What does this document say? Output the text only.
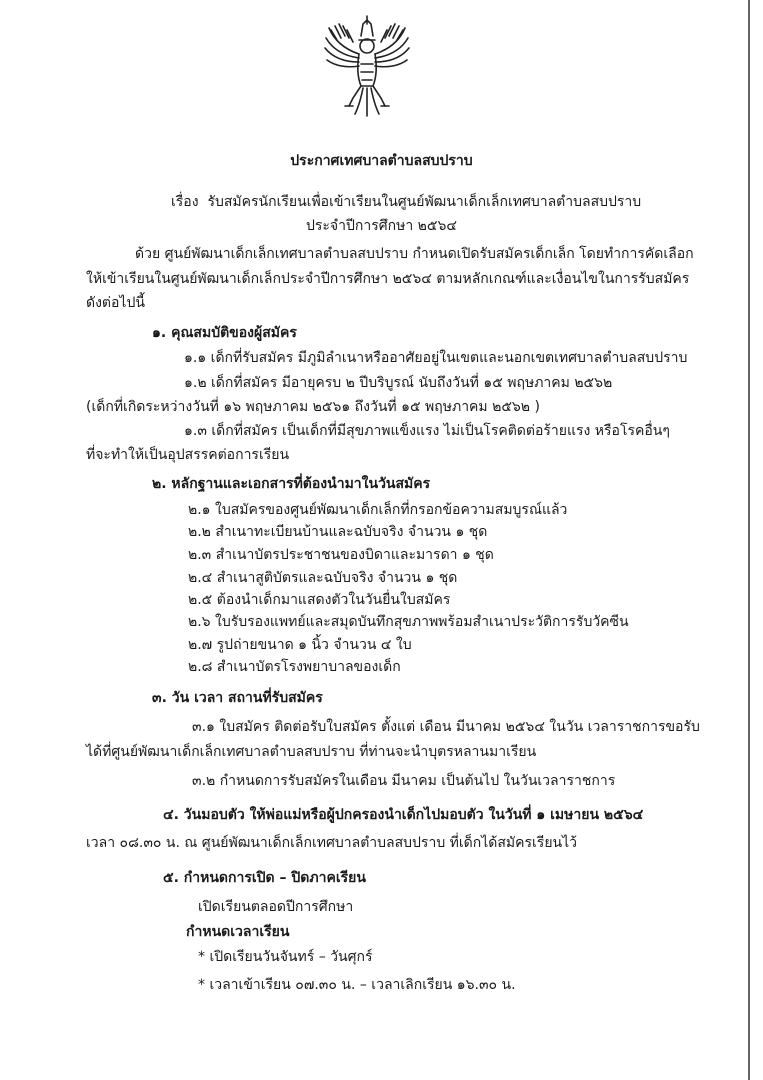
ประกาศเทศบาลตำบลสบปราบ
เรื่อง รับสมัครนักเรียนเพื่อเข้าเรียนในศูนย์พัฒนาเด็กเล็กเทศบาลตำบลสบปราบ
ประจำปีการศึกษา ๒๕๖๔
ด้วย ศูนย์พัฒนาเด็กเล็กเทศบาลตำบลสบปราบ กำหนดเปิดรับสมัครเด็กเล็ก โดยทำการคัดเลือก
ให้เข้าเรียนในศูนย์พัฒนาเด็กเล็กประจำปีการศึกษา ๒๕๖๔ ตามหลักเกณฑ์และเงื่อนไขในการรับสมัคร
ดังต่อไปนี้
๑. คุณสมบัติของผู้สมัคร
๑.๑ เด็กที่รับสมัคร มีภูมิลำเนาหรืออาศัยอยู่ในเขตและนอกเขตเทศบาลตำบลสบปราบ
๑.๒ เด็กที่สมัคร มีอายุครบ ๒ ปีบริบูรณ์ นับถึงวันที่ ๑๕ พฤษภาคม ๒๕๖๒
(เด็กที่เกิดระหว่างวันที่ ๑๖ พฤษภาคม ๒๕๖๑ ถึงวันที่ ๑๕ พฤษภาคม ๒๕๖๒ )
๑.๓ เด็กที่สมัคร เป็นเด็กที่มีสุขภาพแข็งแรง ไม่เป็นโรคติดต่อร้ายแรง หรือโรคอื่นๆ
ที่จะทำให้เป็นอุปสรรคต่อการเรียน
๒. หลักฐานและเอกสารที่ต้องนำมาในวันสมัคร
๒.๑ ใบสมัครของศูนย์พัฒนาเด็กเล็กที่กรอกข้อความสมบูรณ์แล้ว
๒.๒ สำเนาทะเบียนบ้านและฉบับจริง จำนวน ๑ ชุด
๒.๓ สำเนาบัตรประชาชนของบิดาและมารดา ๑ ชุด
๒.๔ สำเนาสูติบัตรและฉบับจริง จำนวน ๑ ชุด
๒.๕ ต้องนำเด็กมาแสดงตัวในวันยื่นใบสมัคร
๒.๖ ใบรับรองแพทย์และสมุดบันทึกสุขภาพพร้อมสำเนาประวัติการรับวัคซีน
๒.๗ รูปถ่ายขนาด ๑ นิ้ว จำนวน ๔ ใบ
๒.๘ สำเนาบัตรโรงพยาบาลของเด็ก
๓. วัน เวลา สถานที่รับสมัคร
๓.๑ ใบสมัคร ติดต่อรับใบสมัคร ตั้งแต่ เดือน มีนาคม ๒๕๖๔ ในวัน เวลาราชการขอรับ
ได้ที่ศูนย์พัฒนาเด็กเล็กเทศบาลตำบลสบปราบ ที่ท่านจะนำบุตรหลานมาเรียน
๓.๒ กำหนดการรับสมัครในเดือน มีนาคม เป็นต้นไป ในวันเวลาราชการ
๔. วันมอบตัว ให้พ่อแม่หรือผู้ปกครองนำเด็กไปมอบตัว ในวันที่ ๑ เมษายน ๒๕๖๔
เวลา ๐๘.๓๐ น. ณ ศูนย์พัฒนาเด็กเล็กเทศบาลตำบลสบปราบ ที่เด็กได้สมัครเรียนไว้
๕. กำหนดการเปิด – ปิดภาคเรียน
เปิดเรียนตลอดปีการศึกษา
กำหนดเวลาเรียน
* เปิดเรียนวันจันทร์ – วันศุกร์
* เวลาเข้าเรียน ๐๗.๓๐ น. – เวลาเลิกเรียน ๑๖.๓๐ น.
